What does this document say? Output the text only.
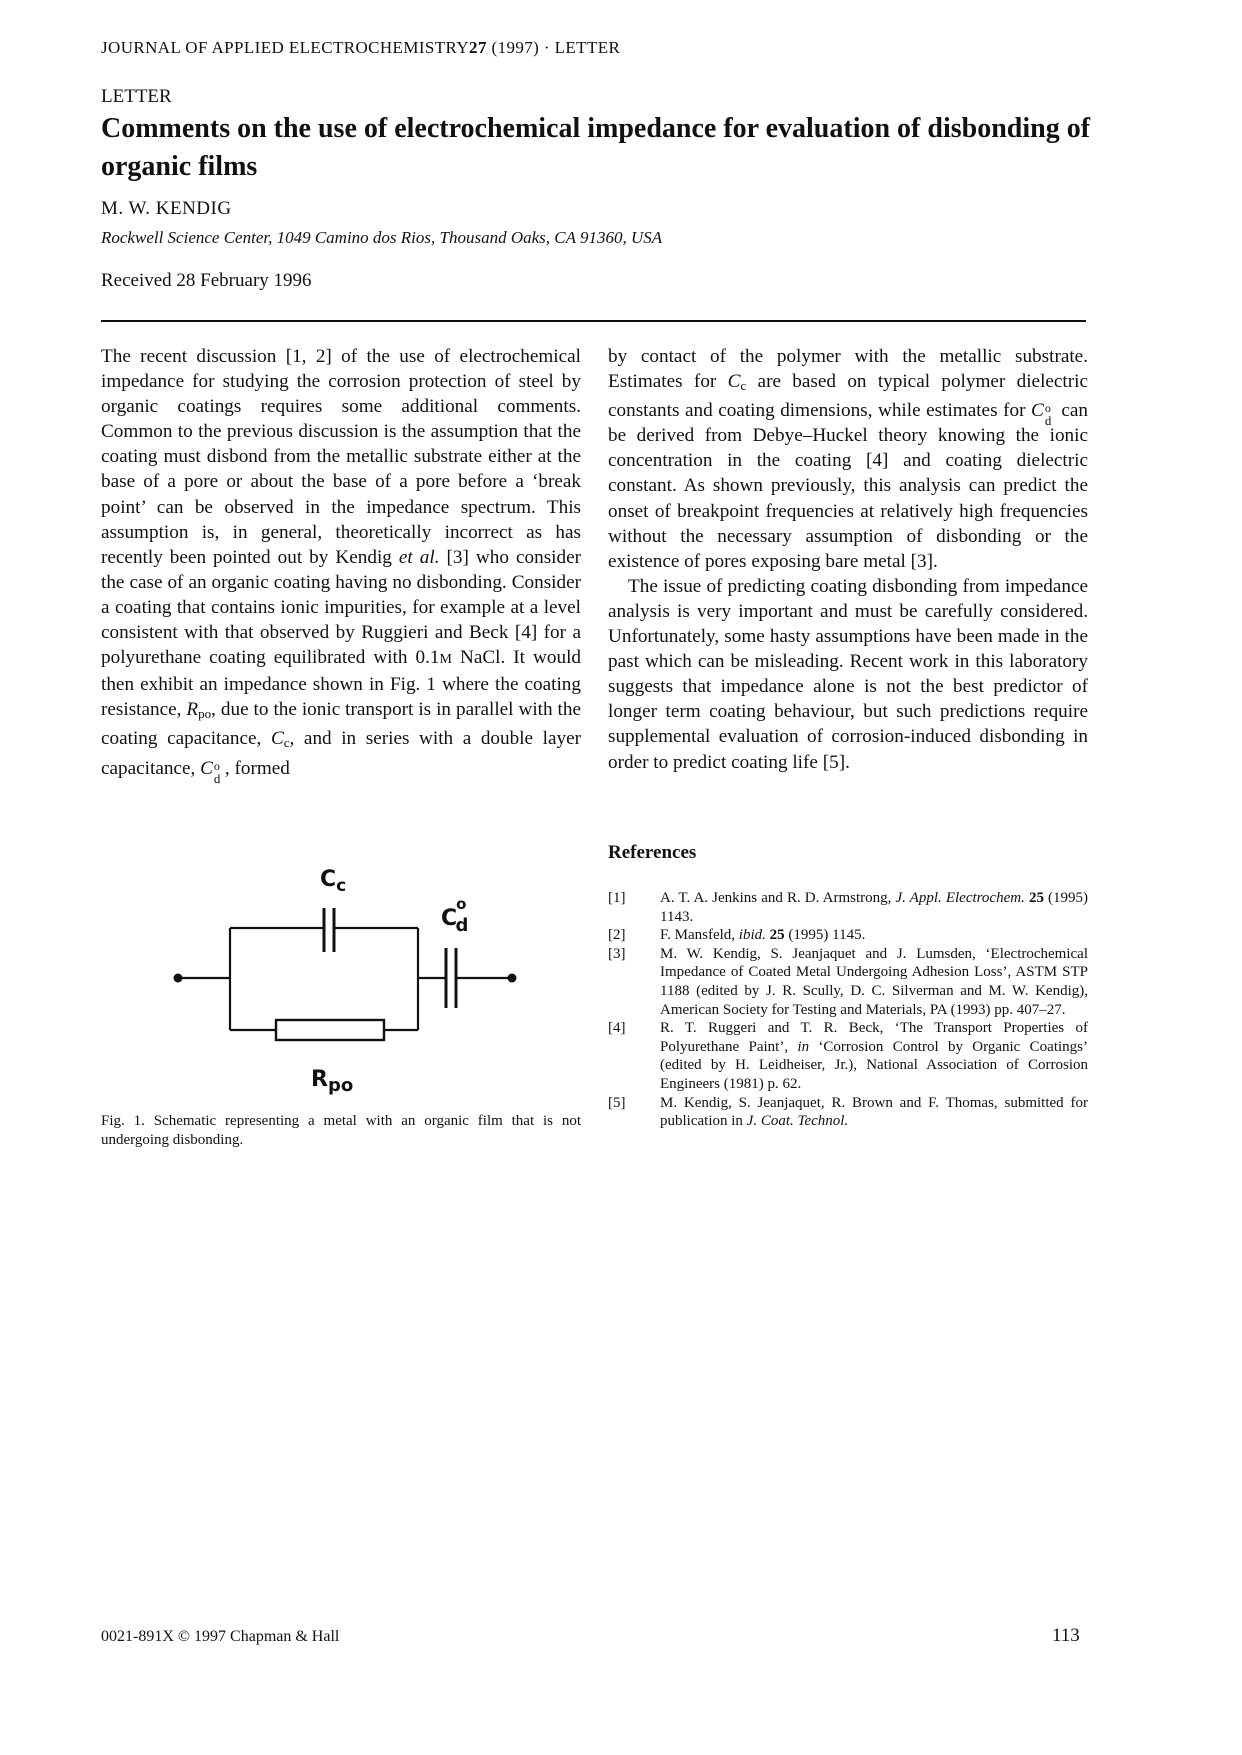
JOURNAL OF APPLIED ELECTROCHEMISTRY27 (1997) · LETTER
LETTER
Comments on the use of electrochemical impedance for evaluation of disbonding of organic films
M. W. KENDIG
Rockwell Science Center, 1049 Camino dos Rios, Thousand Oaks, CA 91360, USA
Received 28 February 1996

The recent discussion [1, 2] of the use of electrochemical impedance for studying the corrosion protection of steel by organic coatings requires some additional comments. Common to the previous discussion is the assumption that the coating must disbond from the metallic substrate either at the base of a pore or about the base of a pore before a ‘break point’ can be observed in the impedance spectrum. This assumption is, in general, theoretically incorrect as has recently been pointed out by Kendig et al. [3] who consider the case of an organic coating having no disbonding. Consider a coating that contains ionic impurities, for example at a level consistent with that observed by Ruggieri and Beck [4] for a polyurethane coating equilibrated with 0.1M NaCl. It would then exhibit an impedance shown in Fig. 1 where the coating resistance, $R_{po}$, due to the ionic transport is in parallel with the coating capacitance, $C_c$, and in series with a double layer capacitance, C o
d , formed

by contact of the polymer with the metallic substrate. Estimates for $C_c$ are based on typical polymer dielectric constants and coating dimensions, while estimates for C o
d can be derived from Debye–Huckel theory knowing the ionic concentration in the coating [4] and coating dielectric constant. As shown previously, this analysis can predict the onset of breakpoint frequencies at relatively high frequencies without the necessary assumption of disbonding or the existence of pores exposing bare metal [3].

The issue of predicting coating disbonding from impedance analysis is very important and must be carefully considered. Unfortunately, some hasty assumptions have been made in the past which can be misleading. Recent work in this laboratory suggests that impedance alone is not the best predictor of longer term coating behaviour, but such predictions require supplemental evaluation of corrosion-induced disbonding in order to predict coating life [5].

$C_c$
Co d
$R_{po}$
Fig. 1. Schematic representing a metal with an organic film that is not undergoing disbonding.
References
[1]	A. T. A. Jenkins and R. D. Armstrong, J. Appl. Electrochem. 25 (1995) 1143.
[2]	F. Mansfeld, ibid. 25 (1995) 1145.
[3]	M. W. Kendig, S. Jeanjaquet and J. Lumsden, ‘Electrochemical Impedance of Coated Metal Undergoing Adhesion Loss’, ASTM STP 1188 (edited by J. R. Scully, D. C. Silverman and M. W. Kendig), American Society for Testing and Materials, PA (1993) pp. 407–27.
[4]	R. T. Ruggeri and T. R. Beck, ‘The Transport Properties of Polyurethane Paint’, in ‘Corrosion Control by Organic Coatings’ (edited by H. Leidheiser, Jr.), National Association of Corrosion Engineers (1981) p. 62.
[5]	M. Kendig, S. Jeanjaquet, R. Brown and F. Thomas, submitted for publication in J. Coat. Technol.
0021-891X © 1997 Chapman & Hall	113
